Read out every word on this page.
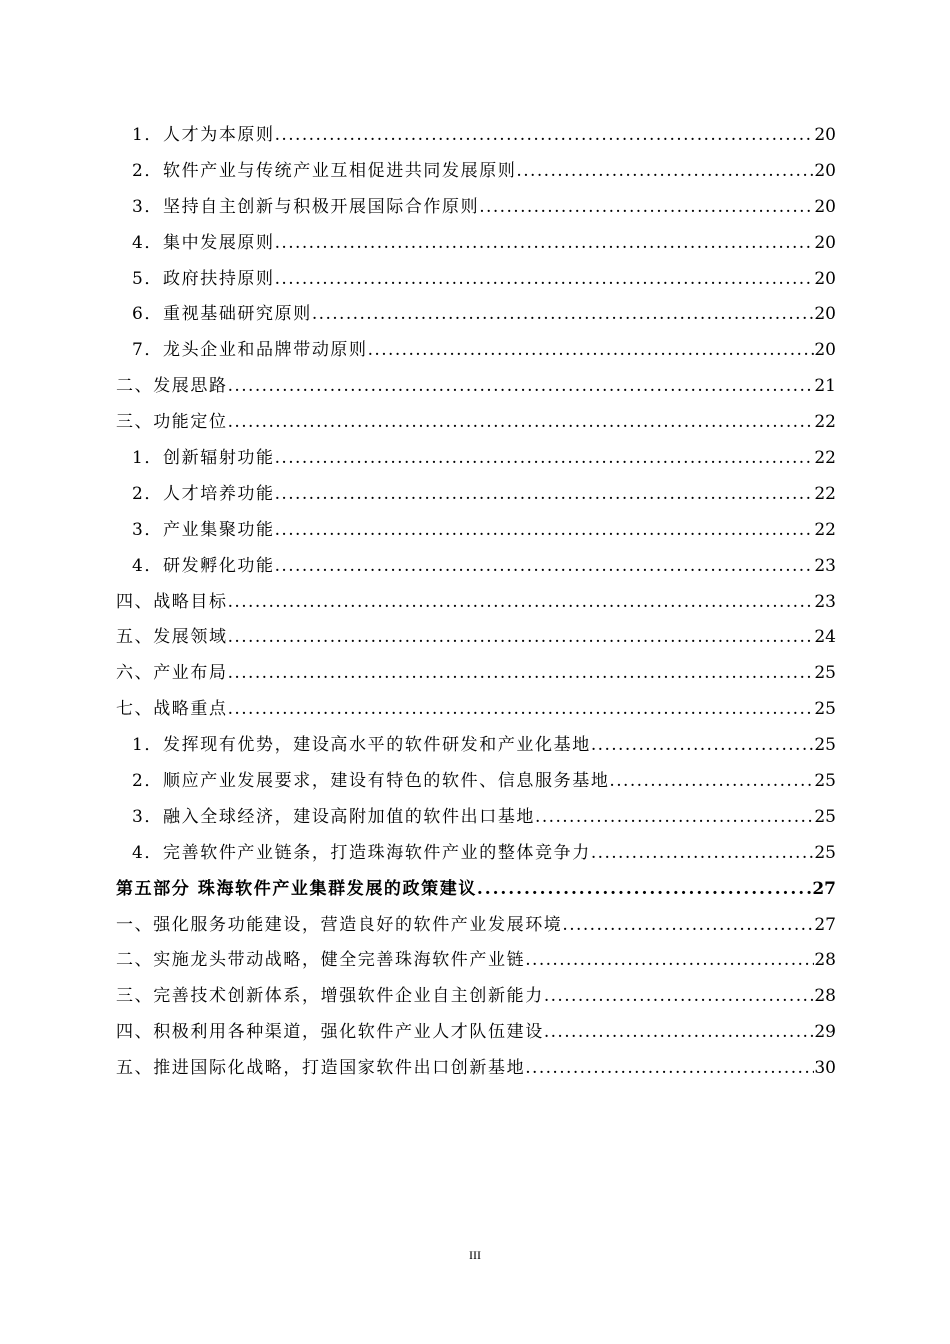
1．人才为本原则 . . .	20
2．软件产业与传统产业互相促进共同发展原则 . . .	20
3．坚持自主创新与积极开展国际合作原则 . . .	20
4．集中发展原则 . . .	20
5．政府扶持原则 . . .	20
6．重视基础研究原则 . . .	20
7．龙头企业和品牌带动原则 . . .	20
二、发展思路 . . .	21
三、功能定位 . . .	22
1．创新辐射功能 . . .	22
2．人才培养功能 . . .	22
3．产业集聚功能 . . .	22
4．研发孵化功能 . . .	23
四、战略目标 . . .	23
五、发展领域 . . .	24
六、产业布局 . . .	25
七、战略重点 . . .	25
1．发挥现有优势，建设高水平的软件研发和产业化基地 . . .	25
2．顺应产业发展要求，建设有特色的软件、信息服务基地 . . .	25
3．融入全球经济，建设高附加值的软件出口基地 . . .	25
4．完善软件产业链条，打造珠海软件产业的整体竞争力 . . .	25
第五部分 珠海软件产业集群发展的政策建议 . . .	27
一、强化服务功能建设，营造良好的软件产业发展环境 . . .	27
二、实施龙头带动战略，健全完善珠海软件产业链 . . .	28
三、完善技术创新体系，增强软件企业自主创新能力 . . .	28
四、积极利用各种渠道，强化软件产业人才队伍建设 . . .	29
五、推进国际化战略，打造国家软件出口创新基地 . . .	30
III
